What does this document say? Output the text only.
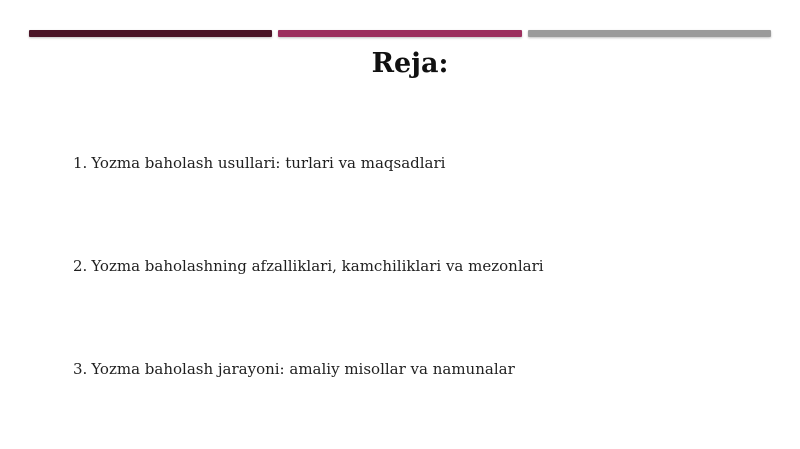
Reja:
1. Yozma baholash usullari: turlari va maqsadlari
2. Yozma baholashning afzalliklari, kamchiliklari va mezonlari
3. Yozma baholash jarayoni: amaliy misollar va namunalar
